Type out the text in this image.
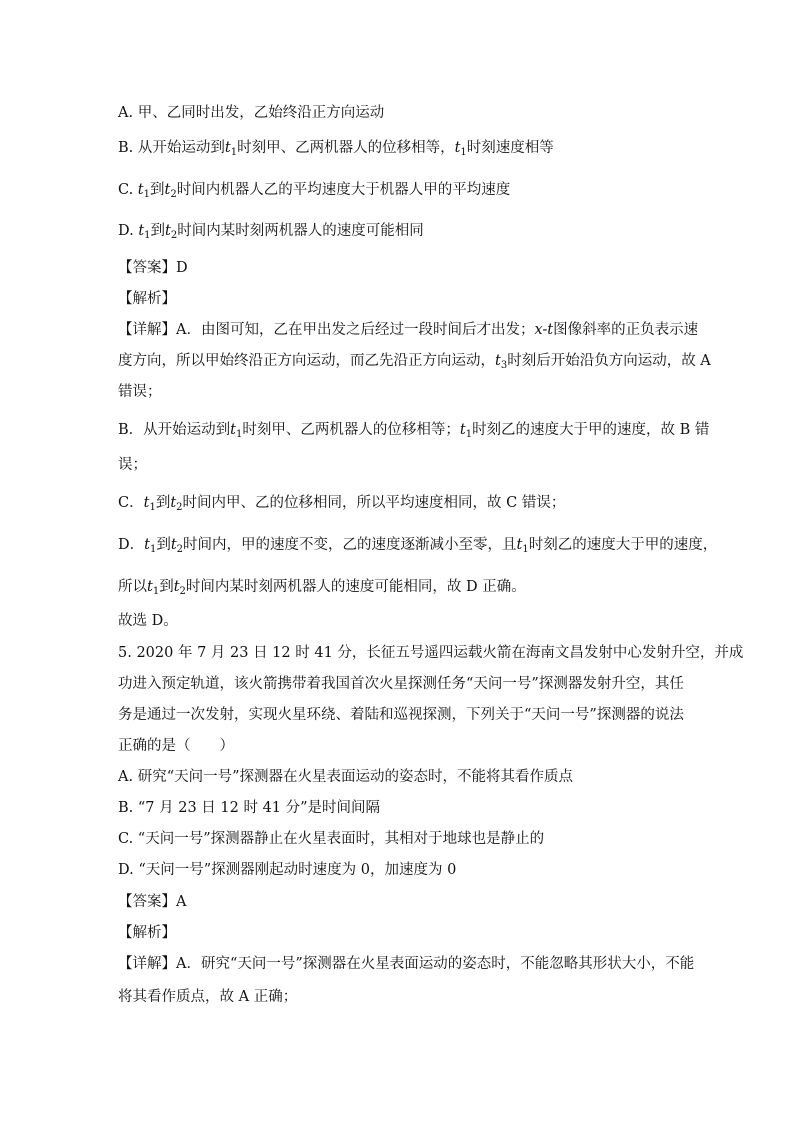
A. 甲、乙同时出发，乙始终沿正方向运动
B. 从开始运动到$t_1$时刻甲、乙两机器人的位移相等，$t_1$时刻速度相等
C. $t_1$到$t_2$时间内机器人乙的平均速度大于机器人甲的平均速度
D. $t_1$到$t_2$时间内某时刻两机器人的速度可能相同
【答案】D
【解析】
【详解】A．由图可知，乙在甲出发之后经过一段时间后才出发；x-t图像斜率的正负表示速
度方向，所以甲始终沿正方向运动，而乙先沿正方向运动，$t_3$时刻后开始沿负方向运动，故 A
错误；
B．从开始运动到$t_1$时刻甲、乙两机器人的位移相等；$t_1$时刻乙的速度大于甲的速度，故 B 错
误；
C．$t_1$到$t_2$时间内甲、乙的位移相同，所以平均速度相同，故 C 错误；
D．$t_1$到$t_2$时间内，甲的速度不变，乙的速度逐渐减小至零，且$t_1$时刻乙的速度大于甲的速度，
所以$t_1$到$t_2$时间内某时刻两机器人的速度可能相同，故 D 正确。
故选 D。
5. 2020 年 7 月 23 日 12 时 41 分，长征五号遥四运载火箭在海南文昌发射中心发射升空，并成
功进入预定轨道，该火箭携带着我国首次火星探测任务“天问一号”探测器发射升空，其任
务是通过一次发射，实现火星环绕、着陆和巡视探测，下列关于“天问一号”探测器的说法
正确的是（　　）
A. 研究“天问一号”探测器在火星表面运动的姿态时，不能将其看作质点
B. “7 月 23 日 12 时 41 分”是时间间隔
C. “天问一号”探测器静止在火星表面时，其相对于地球也是静止的
D. “天问一号”探测器刚起动时速度为 0，加速度为 0
【答案】A
【解析】
【详解】A．研究“天问一号”探测器在火星表面运动的姿态时，不能忽略其形状大小，不能
将其看作质点，故 A 正确；
